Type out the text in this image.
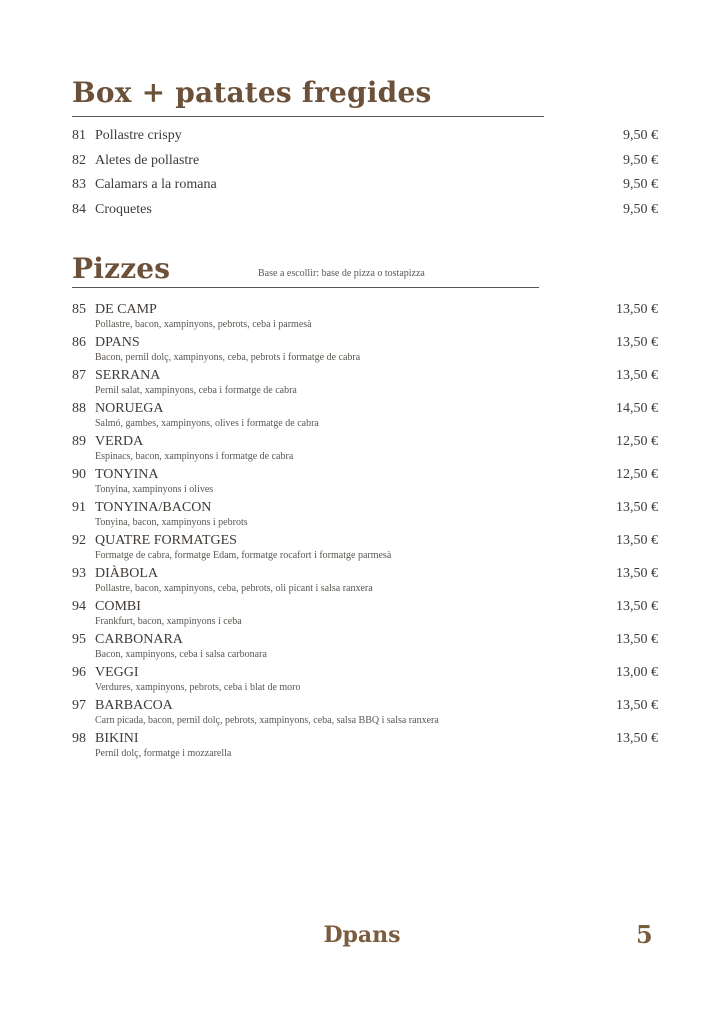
Box + patates fregides
81 Pollastre crispy	9,50 €
82 Aletes de pollastre	9,50 €
83 Calamars a la romana	9,50 €
84 Croquetes	9,50 €
Pizzes	Base a escollir: base de pizza o tostapizza
85 DE CAMP	13,50 €
Pollastre, bacon, xampinyons, pebrots, ceba i parmesà
86 DPANS	13,50 €
Bacon, pernil dolç, xampinyons, ceba, pebrots i formatge de cabra
87 SERRANA	13,50 €
Pernil salat, xampinyons, ceba i formatge de cabra
88 NORUEGA	14,50 €
Salmó, gambes, xampinyons, olives i formatge de cabra
89 VERDA	12,50 €
Espinacs, bacon, xampinyons i formatge de cabra
90 TONYINA	12,50 €
Tonyina, xampinyons i olives
91 TONYINA/BACON	13,50 €
Tonyina, bacon, xampinyons i pebrots
92 QUATRE FORMATGES	13,50 €
Formatge de cabra, formatge Edam, formatge rocafort i formatge parmesà
93 DIÀBOLA	13,50 €
Pollastre, bacon, xampinyons, ceba, pebrots, oli picant i salsa ranxera
94 COMBI	13,50 €
Frankfurt, bacon, xampinyons i ceba
95 CARBONARA	13,50 €
Bacon, xampinyons, ceba i salsa carbonara
96 VEGGI	13,00 €
Verdures, xampinyons, pebrots, ceba i blat de moro
97 BARBACOA	13,50 €
Carn picada, bacon, pernil dolç, pebrots, xampinyons, ceba, salsa BBQ i salsa ranxera
98 BIKINI	13,50 €
Pernil dolç, formatge i mozzarella
Dpans	5
